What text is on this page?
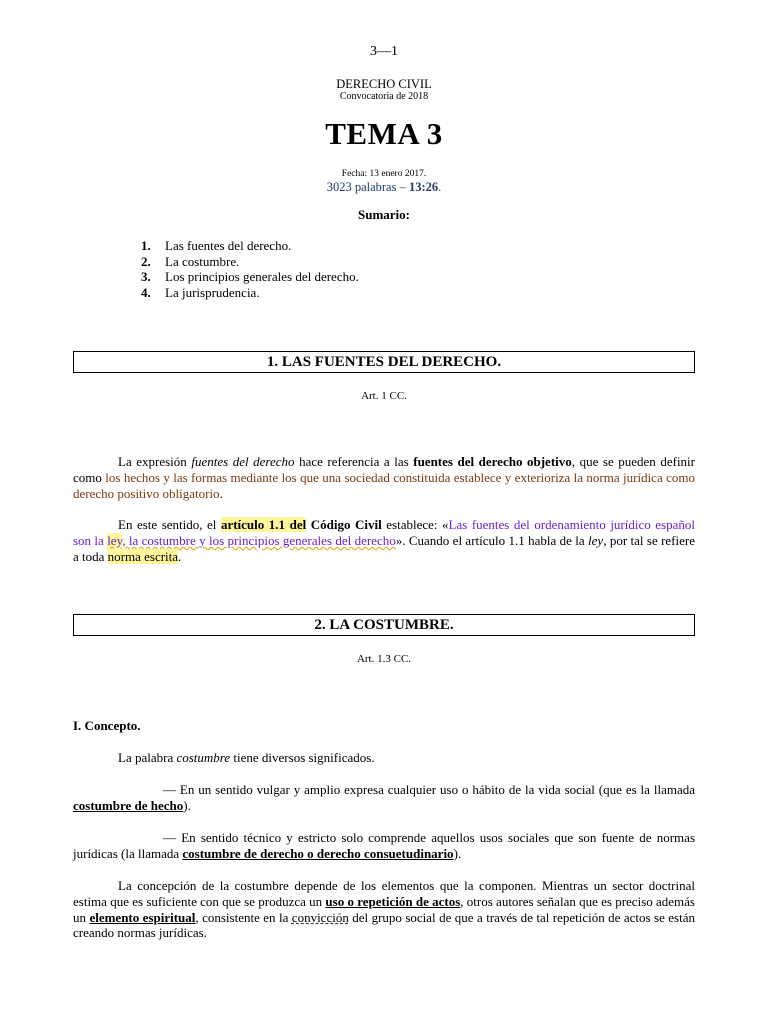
3—1
DERECHO CIVIL
Convocatoria de 2018
TEMA 3
Fecha: 13 enero 2017.
3023 palabras – 13:26.
Sumario:
1.	Las fuentes del derecho.
2.	La costumbre.
3.	Los principios generales del derecho.
4.	La jurisprudencia.
1. LAS FUENTES DEL DERECHO.
Art. 1 CC.
La expresión fuentes del derecho hace referencia a las fuentes del derecho objetivo, que se pueden definir como los hechos y las formas mediante los que una sociedad constituida establece y exterioriza la norma jurídica como derecho positivo obligatorio.
En este sentido, el artículo 1.1 del Código Civil establece: «Las fuentes del ordenamiento jurídico español son la ley, la costumbre y los principios generales del derecho». Cuando el artículo 1.1 habla de la ley, por tal se refiere a toda norma escrita.
2. LA COSTUMBRE.
Art. 1.3 CC.
I. Concepto.
La palabra costumbre tiene diversos significados.
— En un sentido vulgar y amplio expresa cualquier uso o hábito de la vida social (que es la llamada costumbre de hecho).
— En sentido técnico y estricto solo comprende aquellos usos sociales que son fuente de normas jurídicas (la llamada costumbre de derecho o derecho consuetudinario).
La concepción de la costumbre depende de los elementos que la componen. Mientras un sector doctrinal estima que es suficiente con que se produzca un uso o repetición de actos, otros autores señalan que es preciso además un elemento espiritual, consistente en la convicción del grupo social de que a través de tal repetición de actos se están creando normas jurídicas.
